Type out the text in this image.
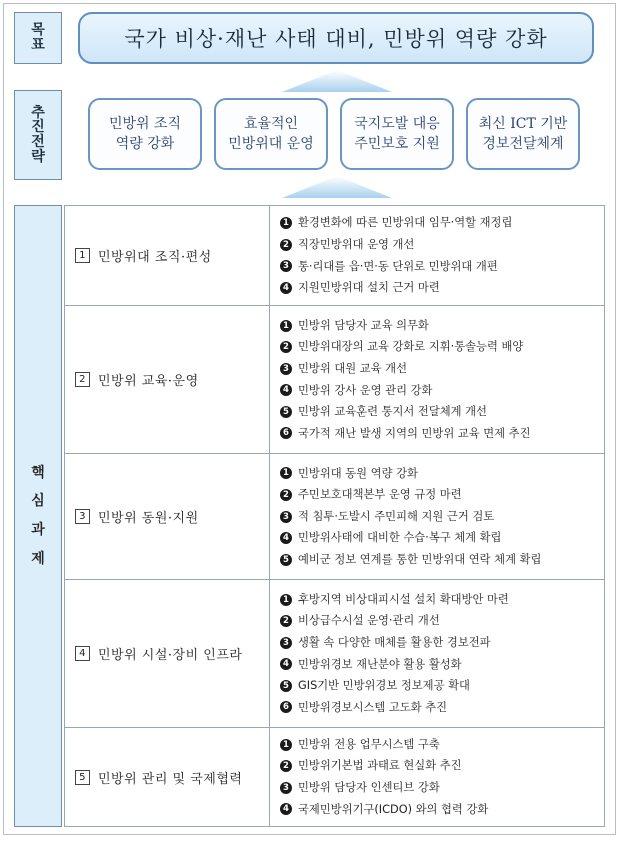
목
표	국가 비상·재난 사태 대비, 민방위 역량 강화
추
진
전
략
민방위 조직
역량 강화
효율적인
민방위대 운영
국지도발 대응
주민보호 지원
최신 ICT 기반
경보전달체계
핵
심
과
제
1 민방위대 조직·편성
1 환경변화에 따른 민방위대 임무·역할 재정립
2 직장민방위대 운영 개선
3 통·리대를 읍·면·동 단위로 민방위대 개편
4 지원민방위대 설치 근거 마련
2 민방위 교육·운영
1 민방위 담당자 교육 의무화
2 민방위대장의 교육 강화로 지휘·통솔능력 배양
3 민방위 대원 교육 개선
4 민방위 강사 운영 관리 강화
5 민방위 교육훈련 통지서 전달체계 개선
6 국가적 재난 발생 지역의 민방위 교육 면제 추진
3 민방위 동원·지원
1 민방위대 동원 역량 강화
2 주민보호대책본부 운영 규정 마련
3 적 침투·도발시 주민피해 지원 근거 검토
4 민방위사태에 대비한 수습·복구 체계 확립
5 예비군 정보 연계를 통한 민방위대 연락 체계 확립
4 민방위 시설·장비 인프라
1 후방지역 비상대피시설 설치 확대방안 마련
2 비상급수시설 운영·관리 개선
3 생활 속 다양한 매체를 활용한 경보전파
4 민방위경보 재난분야 활용 활성화
5 GIS기반 민방위경보 정보제공 확대
6 민방위경보시스템 고도화 추진
5 민방위 관리 및 국제협력
1 민방위 전용 업무시스템 구축
2 민방위기본법 과태료 현실화 추진
3 민방위 담당자 인센티브 강화
4 국제민방위기구(ICDO) 와의 협력 강화
